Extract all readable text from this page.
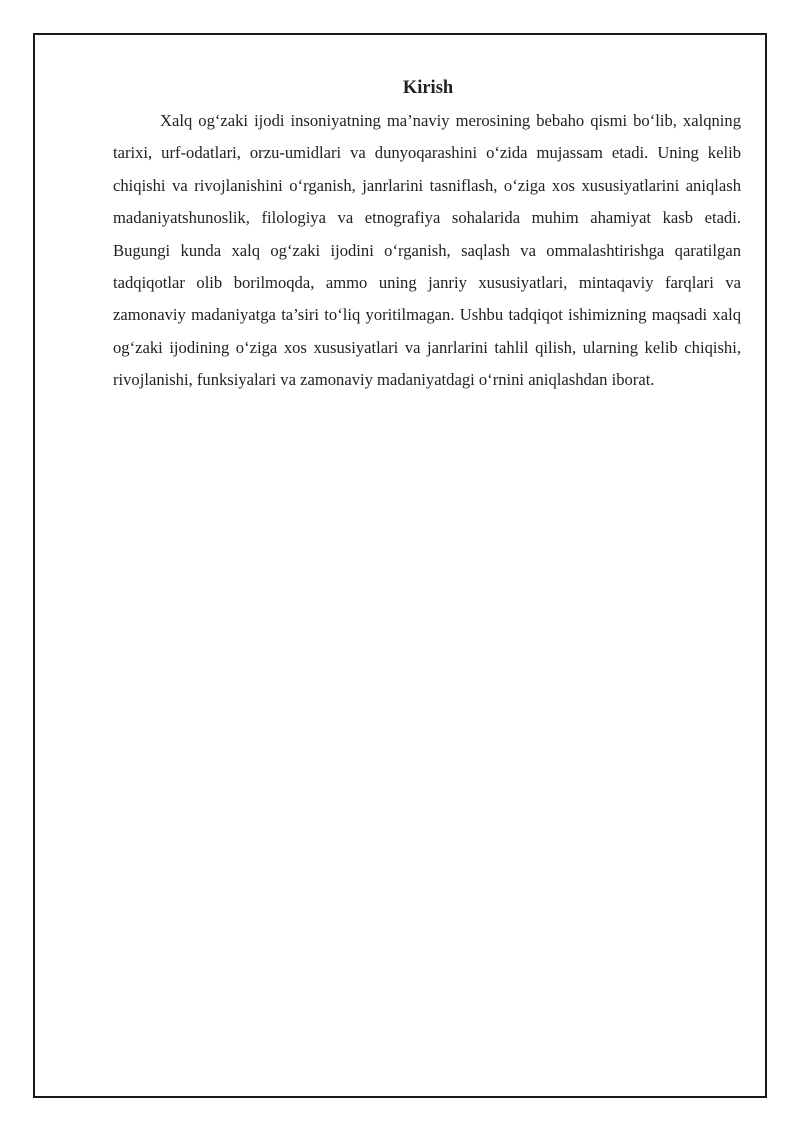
Kirish

Xalq og‘zaki ijodi insoniyatning ma’naviy merosining bebaho qismi bo‘lib, xalqning tarixi, urf-odatlari, orzu-umidlari va dunyoqarashini o‘zida mujassam etadi. Uning kelib chiqishi va rivojlanishini o‘rganish, janrlarini tasniflash, o‘ziga xos xususiyatlarini aniqlash madaniyatshunoslik, filologiya va etnografiya sohalarida muhim ahamiyat kasb etadi. Bugungi kunda xalq og‘zaki ijodini o‘rganish, saqlash va ommalashtirishga qaratilgan tadqiqotlar olib borilmoqda, ammo uning janriy xususiyatlari, mintaqaviy farqlari va zamonaviy madaniyatga ta’siri to‘liq yoritilmagan. Ushbu tadqiqot ishimizning maqsadi xalq og‘zaki ijodining o‘ziga xos xususiyatlari va janrlarini tahlil qilish, ularning kelib chiqishi, rivojlanishi, funksiyalari va zamonaviy madaniyatdagi o‘rnini aniqlashdan iborat.
